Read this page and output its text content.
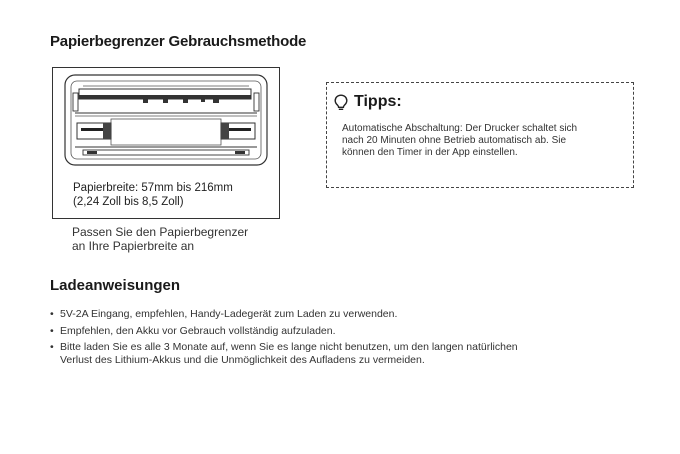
Papierbegrenzer Gebrauchsmethode
Papierbreite: 57mm bis 216mm
(2,24 Zoll bis 8,5 Zoll)
Passen Sie den Papierbegrenzer
an Ihre Papierbreite an
Tipps:
Automatische Abschaltung: Der Drucker schaltet sich
nach 20 Minuten ohne Betrieb automatisch ab. Sie
können den Timer in der App einstellen.
Ladeanweisungen
• 5V-2A Eingang, empfehlen, Handy-Ladegerät zum Laden zu verwenden.
• Empfehlen, den Akku vor Gebrauch vollständig aufzuladen.
• Bitte laden Sie es alle 3 Monate auf, wenn Sie es lange nicht benutzen, um den langen natürlichen
Verlust des Lithium-Akkus und die Unmöglichkeit des Aufladens zu vermeiden.
